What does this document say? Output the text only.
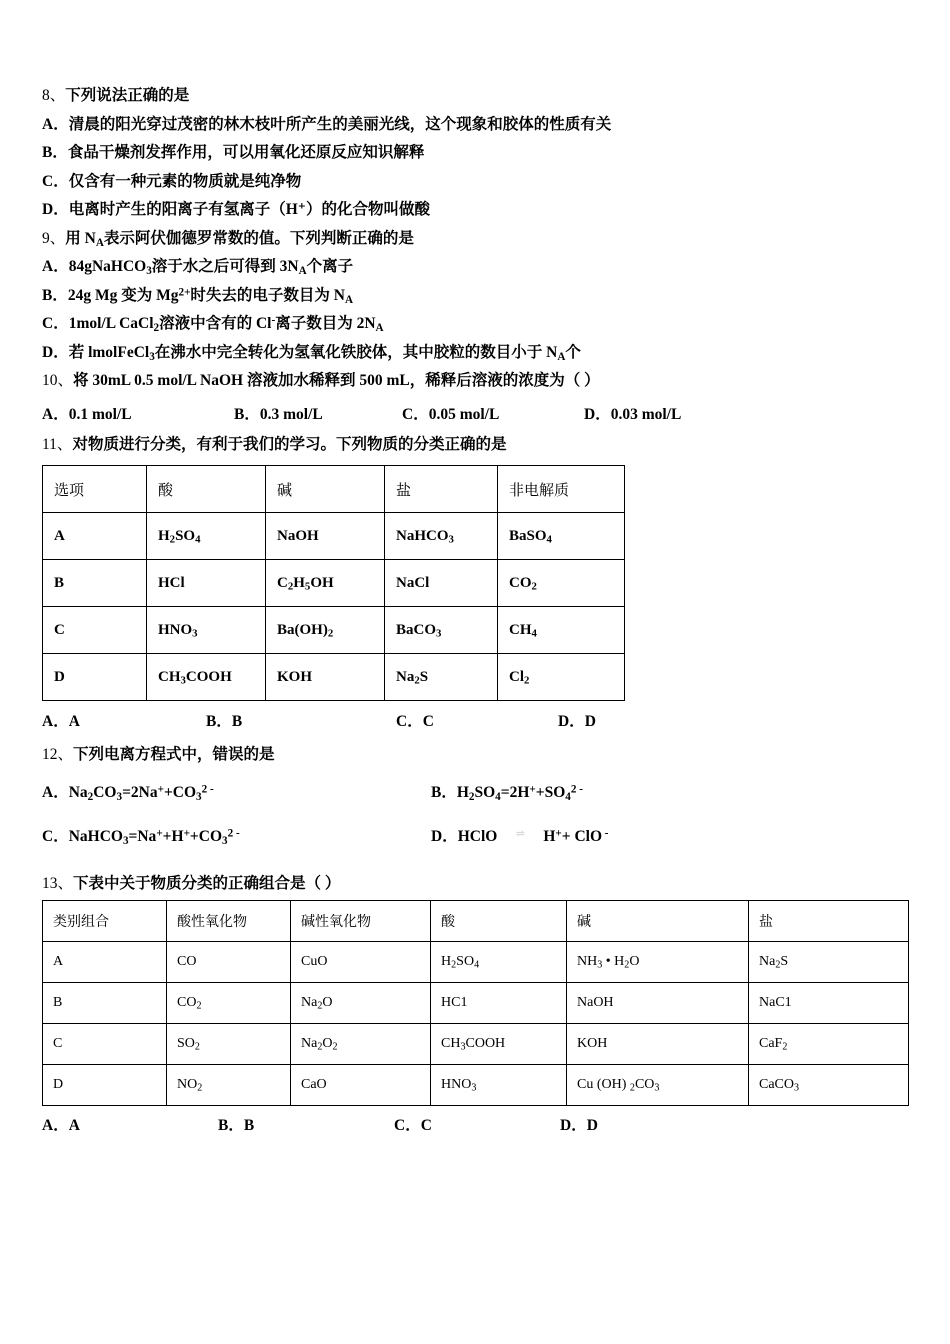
8、下列说法正确的是
A．清晨的阳光穿过茂密的林木枝叶所产生的美丽光线，这个现象和胶体的性质有关
B．食品干燥剂发挥作用，可以用氧化还原反应知识解释
C．仅含有一种元素的物质就是纯净物
D．电离时产生的阳离子有氢离子（H⁺）的化合物叫做酸
9、用 $N_A$表示阿伏伽德罗常数的值。下列判断正确的是
A．84gNaHCO$_3$溶于水之后可得到 $3N_A$个离子
B．24g Mg 变为 $Mg^{2+}$时失去的电子数目为 $N_A$
C．1mol/L CaCl$_2$溶液中含有的 Cl-离子数目为 $2N_A$
D．若 lmolFeCl$_3$在沸水中完全转化为氢氧化铁胶体，其中胶粒的数目小于 $N_A$个
10、将 30mL 0.5 mol/L NaOH 溶液加水稀释到 500 mL，稀释后溶液的浓度为（ ）
A．0.1 mol/L	B．0.3 mol/L	C．0.05 mol/L	D．0.03 mol/L
11、对物质进行分类，有利于我们的学习。下列物质的分类正确的是
选项	酸	碱	盐	非电解质
A	$H_2SO_4$	NaOH	NaHCO$_3$	BaSO$_4$
B	HCl	$C_2H_5OH$	NaCl	$CO_2$
C	$HNO_3$	$Ba(OH)_2$	BaCO$_3$	$CH_4$
D	$CH_3COOH$	KOH	$Na_2S$	$Cl_2$
A．A	B．B	C．C	D．D
12、下列电离方程式中，错误的是
A．$Na_2CO_3=2Na^++CO_3^{2 -}$	B．$H_2SO_4=2H^++SO_4^{2 -}$
C．$NaHCO_3=Na^++H^++CO_3^{2 -}$	D．HClO ⇌ H++ ClO -
13、下表中关于物质分类的正确组合是（ ）
类别组合	酸性氧化物	碱性氧化物	酸	碱	盐
A	CO	CuO	$H_2SO_4$	$NH_3$ • $H_2O$	$Na_2S$
B	$CO_2$	$Na_2O$	HC1	NaOH	NaC1
C	$SO_2$	$Na_2O_2$	$CH_3COOH$	KOH	CaF$_2$
D	$NO_2$	CaO	$HNO_3$	Cu (OH) $_2CO_3$	CaCO$_3$
A．A	B．B	C．C	D．D
